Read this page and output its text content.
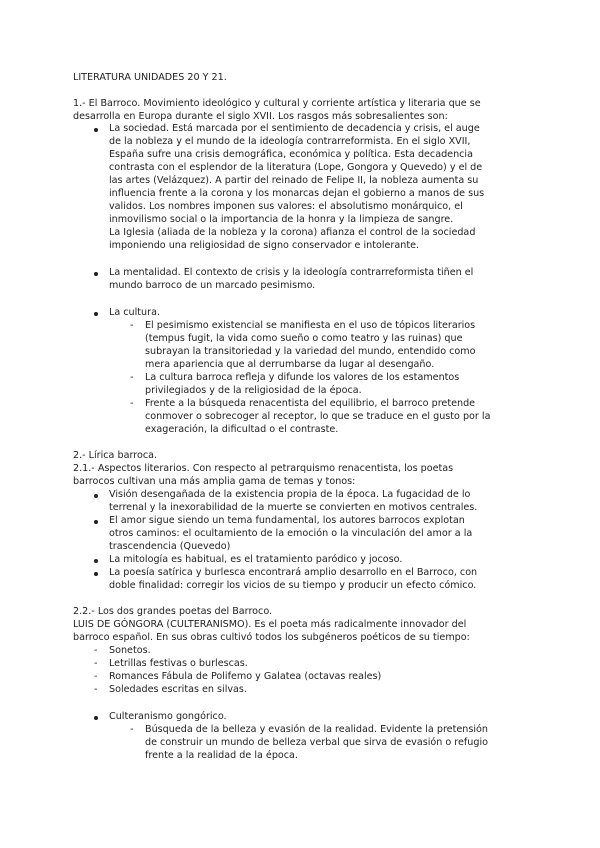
LITERATURA UNIDADES 20 Y 21.
1.- El Barroco. Movimiento ideológico y cultural y corriente artística y literaria que se
desarrolla en Europa durante el siglo XVII. Los rasgos más sobresalientes son:
La sociedad. Está marcada por el sentimiento de decadencia y crisis, el auge
de la nobleza y el mundo de la ideología contrarreformista. En el siglo XVII,
España sufre una crisis demográfica, económica y política. Esta decadencia
contrasta con el esplendor de la literatura (Lope, Gongora y Quevedo) y el de
las artes (Velázquez). A partir del reinado de Felipe II, la nobleza aumenta su
influencia frente a la corona y los monarcas dejan el gobierno a manos de sus
validos. Los nombres imponen sus valores: el absolutismo monárquico, el
inmovilismo social o la importancia de la honra y la limpieza de sangre.
La Iglesia (aliada de la nobleza y la corona) afianza el control de la sociedad
imponiendo una religiosidad de signo conservador e intolerante.
La mentalidad. El contexto de crisis y la ideología contrarreformista tiñen el
mundo barroco de un marcado pesimismo.
La cultura.
- El pesimismo existencial se manifiesta en el uso de tópicos literarios
(tempus fugit, la vida como sueño o como teatro y las ruinas) que
subrayan la transitoriedad y la variedad del mundo, entendido como
mera apariencia que al derrumbarse da lugar al desengaño.
- La cultura barroca refleja y difunde los valores de los estamentos
privilegiados y de la religiosidad de la época.
- Frente a la búsqueda renacentista del equilibrio, el barroco pretende
conmover o sobrecoger al receptor, lo que se traduce en el gusto por la
exageración, la dificultad o el contraste.
2.- Lírica barroca.
2.1.- Aspectos literarios. Con respecto al petrarquismo renacentista, los poetas
barrocos cultivan una más amplia gama de temas y tonos:
Visión desengañada de la existencia propia de la época. La fugacidad de lo
terrenal y la inexorabilidad de la muerte se convierten en motivos centrales.
El amor sigue siendo un tema fundamental, los autores barrocos explotan
otros caminos: el ocultamiento de la emoción o la vinculación del amor a la
trascendencia (Quevedo)
La mitología es habitual, es el tratamiento paródico y jocoso.
La poesía satírica y burlesca encontrará amplio desarrollo en el Barroco, con
doble finalidad: corregir los vicios de su tiempo y producir un efecto cómico.
2.2.- Los dos grandes poetas del Barroco.
LUIS DE GÓNGORA (CULTERANISMO). Es el poeta más radicalmente innovador del
barroco español. En sus obras cultivó todos los subgéneros poéticos de su tiempo:
- Sonetos.
- Letrillas festivas o burlescas.
- Romances Fábula de Polifemo y Galatea (octavas reales)
- Soledades escritas en silvas.
Culteranismo gongórico.
- Búsqueda de la belleza y evasión de la realidad. Evidente la pretensión
de construir un mundo de belleza verbal que sirva de evasión o refugio
frente a la realidad de la época.
